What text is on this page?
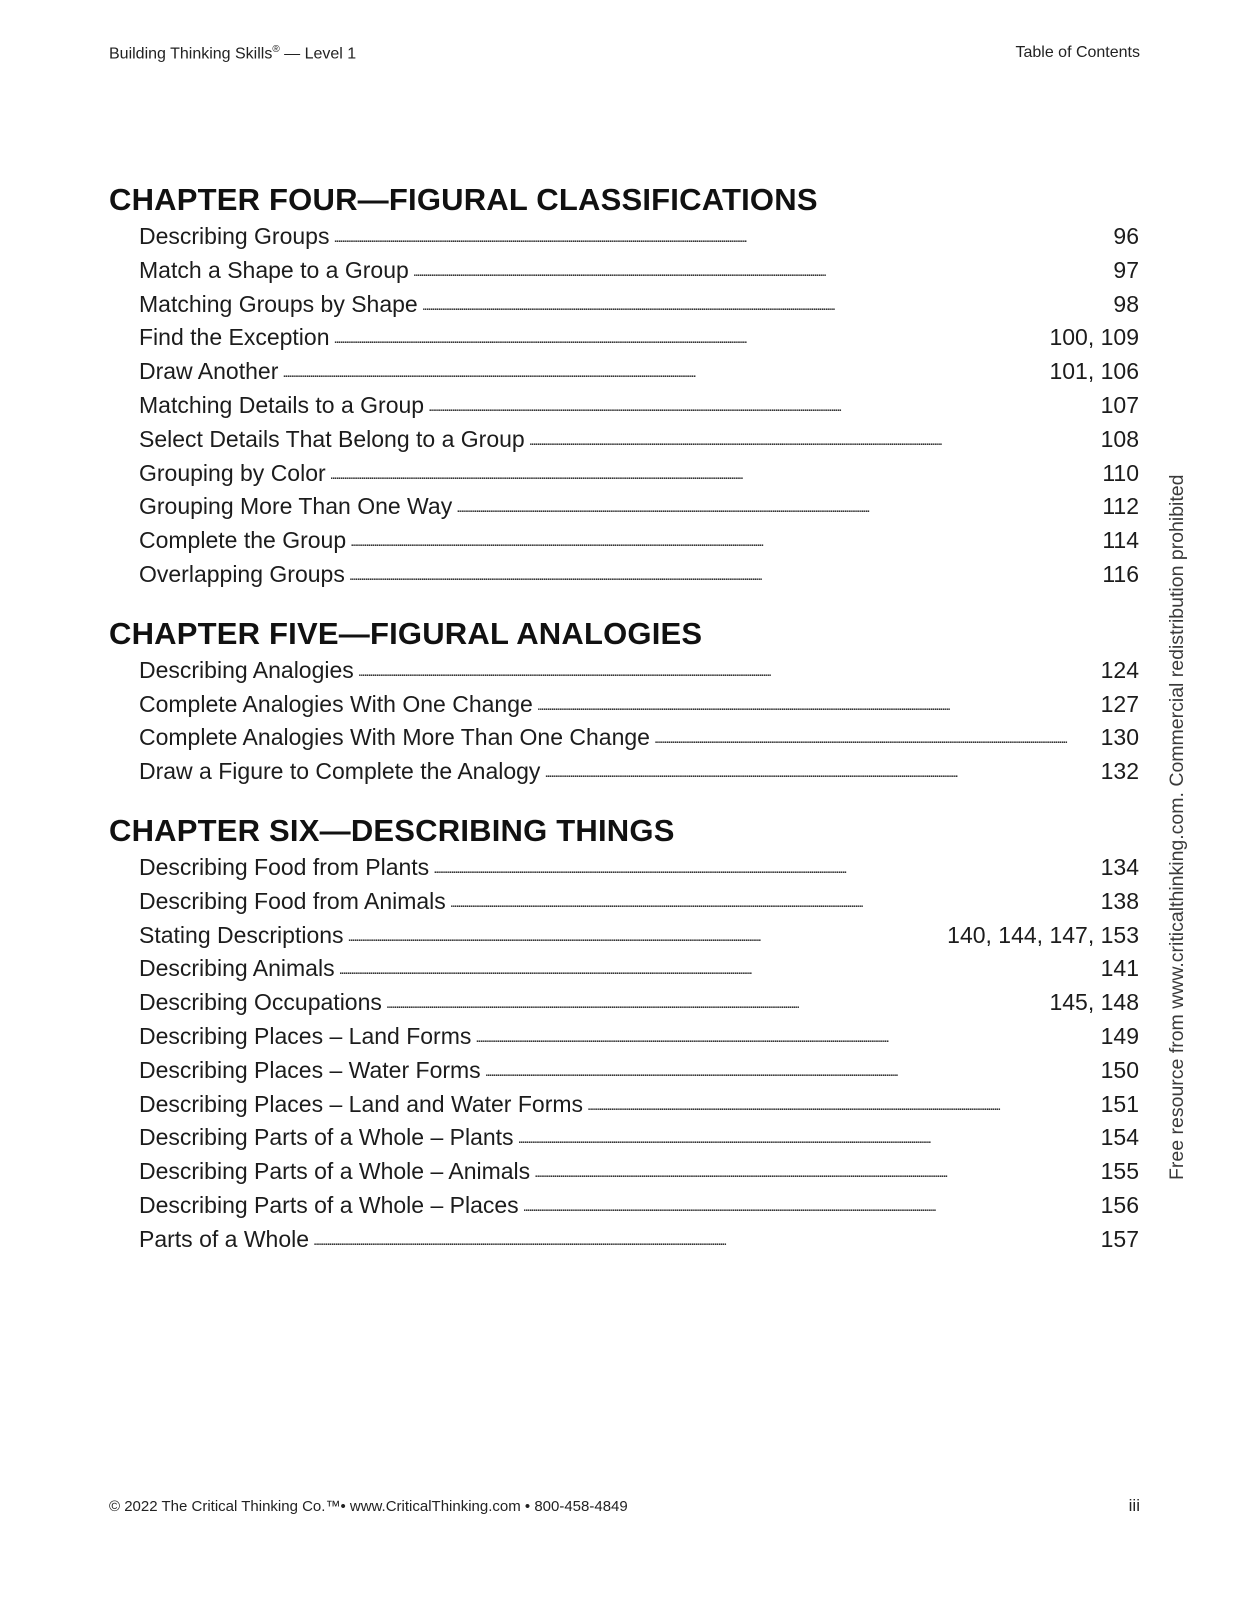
Building Thinking Skills® — Level 1	Table of Contents
CHAPTER FOUR—FIGURAL CLASSIFICATIONS
Describing Groups . . .	96
Match a Shape to a Group . . .	97
Matching Groups by Shape . . .	98
Find the Exception . . .	100, 109
Draw Another . . .	101, 106
Matching Details to a Group . . .	107
Select Details That Belong to a Group . . .	108
Grouping by Color . . .	110
Grouping More Than One Way . . .	112
Complete the Group . . .	114
Overlapping Groups . . .	116
CHAPTER FIVE—FIGURAL ANALOGIES
Describing Analogies . . .	124
Complete Analogies With One Change . . .	127
Complete Analogies With More Than One Change . . .	130
Draw a Figure to Complete the Analogy . . .	132
CHAPTER SIX—DESCRIBING THINGS
Describing Food from Plants . . .	134
Describing Food from Animals . . .	138
Stating Descriptions . . .	140, 144, 147, 153
Describing Animals . . .	141
Describing Occupations . . .	145, 148
Describing Places – Land Forms . . .	149
Describing Places – Water Forms . . .	150
Describing Places – Land and Water Forms . . .	151
Describing Parts of a Whole – Plants . . .	154
Describing Parts of a Whole – Animals . . .	155
Describing Parts of a Whole – Places . . .	156
Parts of a Whole . . .	157
Free resource from www.criticalthinking.com. Commercial redistribution prohibited
© 2022 The Critical Thinking Co.™• www.CriticalThinking.com • 800-458-4849	iii
